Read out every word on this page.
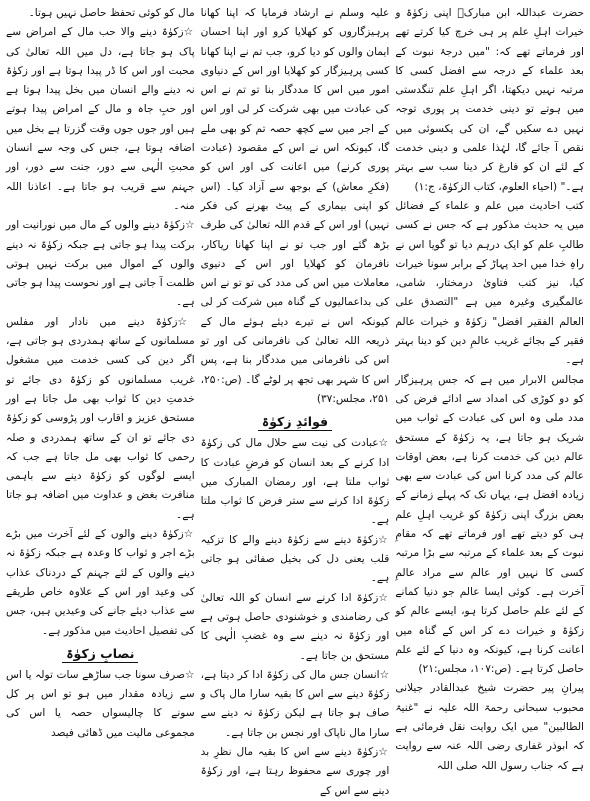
حضرت عبداللہ ابن مبارکؒ اپنی زکوٰۃ و خیرات اہلِ علم پر ہی خرچ کیا کرتے تھے اور فرماتے تھے کہ: "میں درجۂ نبوت کے بعد علماء کے درجہ سے افضل کسی کا مرتبہ نہیں دیکھتا، اگر اہلِ علم تنگدستی میں ہوتے تو دینی خدمت پر پوری توجہ نہیں دے سکیں گے، ان کی یکسوئی میں نقص آ جائے گا، لہٰذا علمی و دینی خدمت کے لئے ان کو فارغ کر دینا سب سے بہتر ہے۔" (احیاء العلوم، کتاب الزکوٰۃ، ج:۱)

کتب احادیث میں علم و علماء کے فضائل میں یہ حدیث مذکور ہے کہ جس نے کسی طالبِ علم کو ایک درہم دیا تو گویا اس نے راہِ خدا میں احد پہاڑ کے برابر سونا خیرات کیا، نیز کتب فتاویٰ درمختار، شامی، عالمگیری وغیرہ میں ہے "التصدق علی العالم الفقیر افضل" زکوٰۃ و خیرات عالم فقیر کے بجائے غریب عالمِ دین کو دینا بہتر ہے۔

مجالس الابرار میں ہے کہ جس پرہیزگار کو دو کوڑی کی امداد سے ادائے فرض کی مدد ملی وہ اس کی عبادت کے ثواب میں شریک ہو جاتا ہے، یہ زکوٰۃ کے مستحق عالم دین کی خدمت کرنا ہے، بعض اوقات عالم کی مدد کرنا اس کی عبادت سے بھی زیادہ افضل ہے، یہاں تک کہ پہلے زمانے کے بعض بزرگ اپنی زکوٰۃ کو غریب اہلِ علم ہی کو دیتے تھے اور فرماتے تھے کہ مقامِ نبوت کے بعد علماء کے مرتبہ سے بڑا مرتبہ کسی کا نہیں اور عالم سے مراد عالمِ آخرت ہے۔ کوئی ایسا عالم جو دنیا کمانے کے لئے علم حاصل کرتا ہو، ایسے عالم کو زکوٰۃ و خیرات دے کر اس کے گناہ میں اعانت کرنا ہے، کیونکہ وہ دنیا کے لئے علم حاصل کرتا ہے۔ (ص:۱۰۷، مجلس:۲۱)

پیرانِ پیر حضرت شیخ عبدالقادر جیلانی محبوب سبحانی رحمۃ اللہ علیہ نے "غنیۃ الطالبین" میں ایک روایت نقل فرمائی ہے کہ ابوذر غفاری رضی اللہ عنہ سے روایت ہے کہ جناب رسول اللہ صلی اللہ

علیہ وسلم نے ارشاد فرمایا کہ اپنا کھانا پرہیزگاروں کو کھلایا کرو اور اپنا احسان ایمان والوں کو دیا کرو، جب تم نے اپنا کھانا کسی پرہیزگار کو کھلایا اور اس کے دنیاوی امور میں اس کا مددگار بنا تو تم نے اس کی عبادت میں بھی شرکت کر لی اور اس کے اجر میں سے کچھ حصہ تم کو بھی ملے گا، کیونکہ اس نے اس کے مقصود (عبادت پوری کرنے) میں اعانت کی اور اس کو (فکرِ معاش) کے بوجھ سے آزاد کیا۔ (اس کو اپنی بیماری کے پیٹ بھرنے کی فکر نہیں) اور اس کے قدم اللہ تعالیٰ کی طرف بڑھ گئے اور جب تو نے اپنا کھانا ریاکار، نافرمان کو کھلایا اور اس کے دنیوی معاملات میں اس کی مدد کی تو تو نے اس کی بداعمالیوں کے گناہ میں شرکت کر لی کیونکہ اس نے تیرے دیئے ہوئے مال کے ذریعہ اللہ تعالیٰ کی نافرمانی کی اور تو اس کی نافرمانی میں مددگار بنا ہے، پس اس کا شہر بھی تجھ پر لوٹے گا۔ (ص:۲۵۰، ۲۵۱، مجلس:۳۷)

فوائدِ زکوٰۃ

☆ عبادت کی نیت سے حلال مال کی زکوٰۃ ادا کرنے کے بعد انسان کو فرضِ عبادت کا ثواب ملتا ہے، اور رمضان المبارک میں زکوٰۃ ادا کرنے سے ستر فرض کا ثواب ملتا ہے۔

☆ زکوٰۃ دینے سے زکوٰۃ دینے والے کا تزکیہ قلب یعنی دل کی بخیل صفائی ہو جاتی ہے۔

☆ زکوٰۃ ادا کرنے سے انسان کو اللہ تعالیٰ کی رضامندی و خوشنودی حاصل ہوتی ہے اور زکوٰۃ نہ دینے سے وہ غضبِ الٰہی کا مستحق بن جاتا ہے۔

☆ انسان جس مال کی زکوٰۃ ادا کر دیتا ہے، زکوٰۃ دینے سے اس کا بقیہ سارا مال پاک و صاف ہو جاتا ہے لیکن زکوٰۃ نہ دینے سے سارا مال ناپاک اور نجس بن جاتا ہے۔

☆ زکوٰۃ دینے سے اس کا بقیہ مال نظرِ بد اور چوری سے محفوظ رہتا ہے، اور زکوٰۃ دینے سے اس کے

مال کو کوئی تحفظ حاصل نہیں ہوتا۔

☆ زکوٰۃ دینے والا حب مال کے امراض سے پاک ہو جاتا ہے، دل میں اللہ تعالیٰ کی محبت اور اس کا ڈر پیدا ہوتا ہے اور زکوٰۃ نہ دینے والے انسان میں بخل پیدا ہوتا ہے اور حبِ جاہ و مال کے امراض پیدا ہوتے ہیں اور جوں جوں وقت گزرتا ہے بخل میں اضافہ ہوتا ہے، جس کی وجہ سے انسان محبتِ الٰہی سے دور، جنت سے دور، اور جہنم سے قریب ہو جاتا ہے۔ اعاذنا اللہ منہ۔

☆ زکوٰۃ دینے والوں کے مال میں نورانیت اور برکت پیدا ہو جاتی ہے جبکہ زکوٰۃ نہ دینے والوں کے اموال میں برکت نہیں ہوتی ظلمت آ جاتی ہے اور نحوست پیدا ہو جاتی ہے۔

☆ زکوٰۃ دینے میں نادار اور مفلس مسلمانوں کے ساتھ ہمدردی ہو جاتی ہے، اگر دین کی کسی خدمت میں مشغول غریب مسلمانوں کو زکوٰۃ دی جائے تو خدمتِ دین کا ثواب بھی مل جاتا ہے اور مستحق عزیز و اقارب اور پڑوسی کو زکوٰۃ دی جائے تو ان کے ساتھ ہمدردی و صلہ رحمی کا ثواب بھی مل جاتا ہے جب کہ ایسے لوگوں کو زکوٰۃ دینے سے باہمی منافرت بغض و عداوت میں اضافہ ہو جاتا ہے۔

☆ زکوٰۃ دینے والوں کے لئے آخرت میں بڑے بڑے اجر و ثواب کا وعدہ ہے جبکہ زکوٰۃ نہ دینے والوں کے لئے جہنم کے دردناک عذاب کی وعید اور اس کے علاوہ خاص طریقے سے عذاب دیئے جانے کی وعیدیں ہیں، جس کی تفصیل احادیث میں مذکور ہے۔

نصابِ زکوٰۃ

☆ صرف سونا جب ساڑھے سات تولہ یا اس سے زیادہ مقدار میں ہو تو اس پر کل سونے کا چالیسواں حصہ یا اس کی مجموعی مالیت میں ڈھائی فیصد
